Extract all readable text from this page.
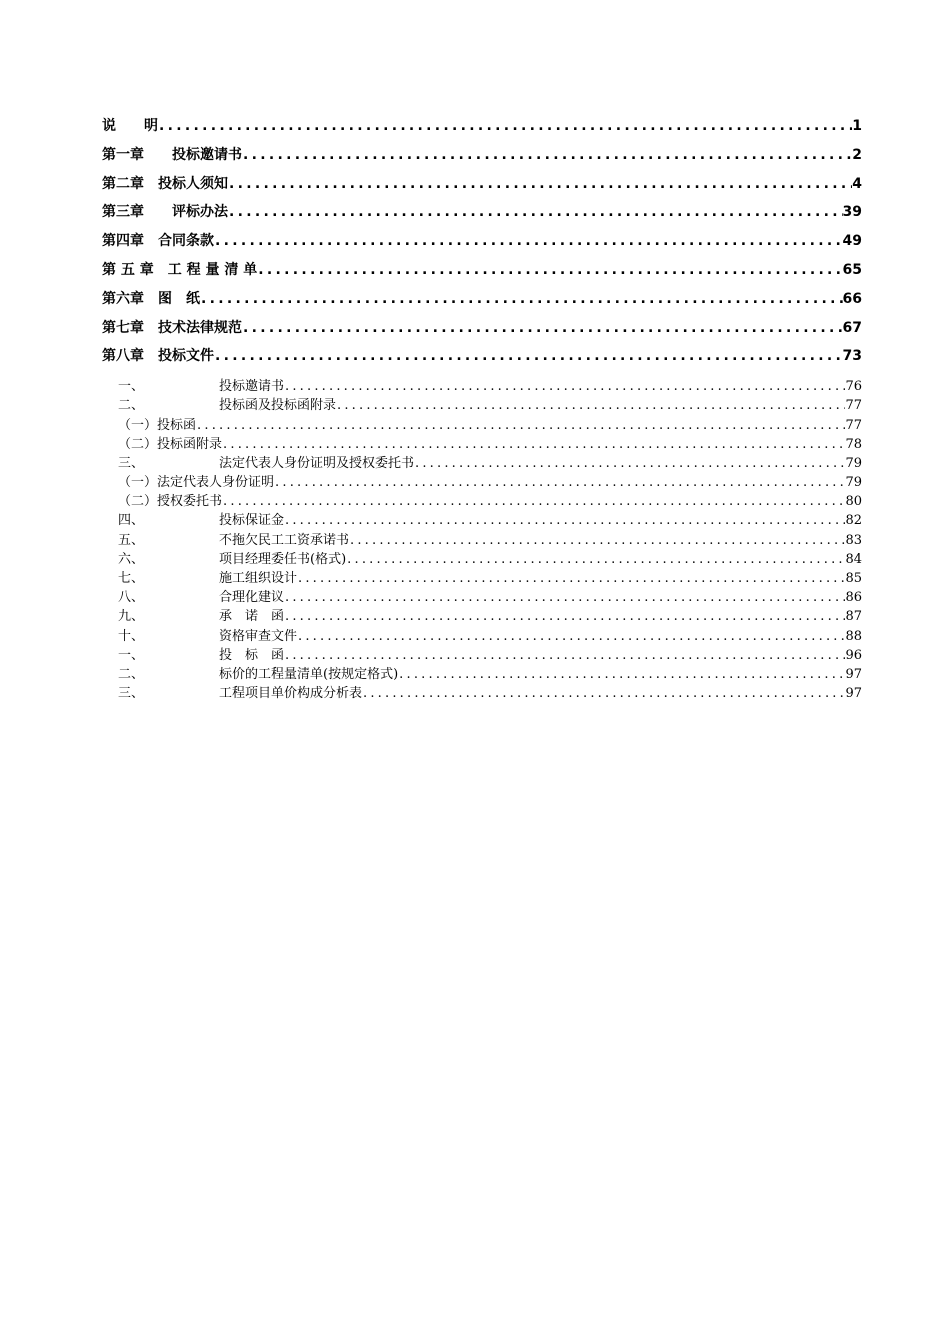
说　　明 .....	1
第一章　　投标邀请书 .....	2
第二章　投标人须知 .....	4
第三章　　评标办法 .....	39
第四章　合同条款 .....	49
第 五 章　工 程 量 清 单 .....	65
第六章　图　纸 .....	66
第七章　技术法律规范 .....	67
第八章　投标文件 .....	73
一、	投标邀请书 .....	76
二、	投标函及投标函附录 .....	77
（一） 投标函 .....	77
（二） 投标函附录 .....	78
三、	法定代表人身份证明及授权委托书 .....	79
（一） 法定代表人身份证明 .....	79
（二） 授权委托书 .....	80
四、	投标保证金 .....	82
五、	不拖欠民工工资承诺书 .....	83
六、	项目经理委任书(格式) .....	84
七、	施工组织设计 .....	85
八、	合理化建议 .....	86
九、	承　诺　函 .....	87
十、	资格审查文件 .....	88
一、	投　标　函 .....	96
二、	标价的工程量清单(按规定格式) .....	97
三、	工程项目单价构成分析表 .....	97
